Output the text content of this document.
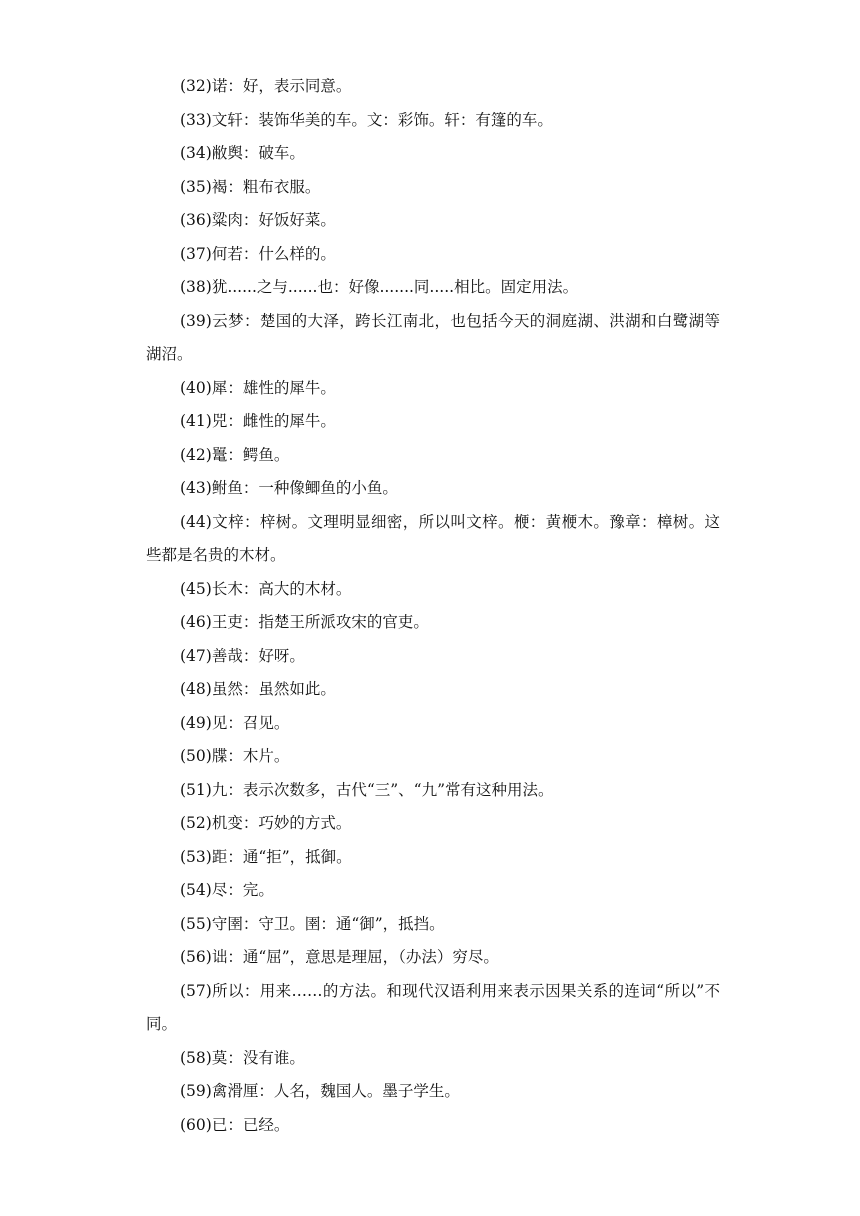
(32)诺：好，表示同意。

(33)文轩：装饰华美的车。文：彩饰。轩：有篷的车。

(34)敝舆：破车。

(35)褐：粗布衣服。

(36)粱肉：好饭好菜。

(37)何若：什么样的。

(38)犹......之与......也：好像.......同.....相比。固定用法。

(39)云梦：楚国的大泽，跨长江南北，也包括今天的洞庭湖、洪湖和白鹭湖等湖沼。

(40)犀：雄性的犀牛。

(41)兕：雌性的犀牛。

(42)鼍：鳄鱼。

(43)鲋鱼：一种像鲫鱼的小鱼。

(44)文梓：梓树。文理明显细密，所以叫文梓。楩：黄楩木。豫章：樟树。这些都是名贵的木材。

(45)长木：高大的木材。

(46)王吏：指楚王所派攻宋的官吏。

(47)善哉：好呀。

(48)虽然：虽然如此。

(49)见：召见。

(50)牒：木片。

(51)九：表示次数多，古代“三”、“九”常有这种用法。

(52)机变：巧妙的方式。

(53)距：通“拒”，抵御。

(54)尽：完。

(55)守圉：守卫。圉：通“御”，抵挡。

(56)诎：通“屈”，意思是理屈，（办法）穷尽。

(57)所以：用来……的方法。和现代汉语利用来表示因果关系的连词“所以”不同。

(58)莫：没有谁。

(59)禽滑厘：人名，魏国人。墨子学生。

(60)已：已经。
